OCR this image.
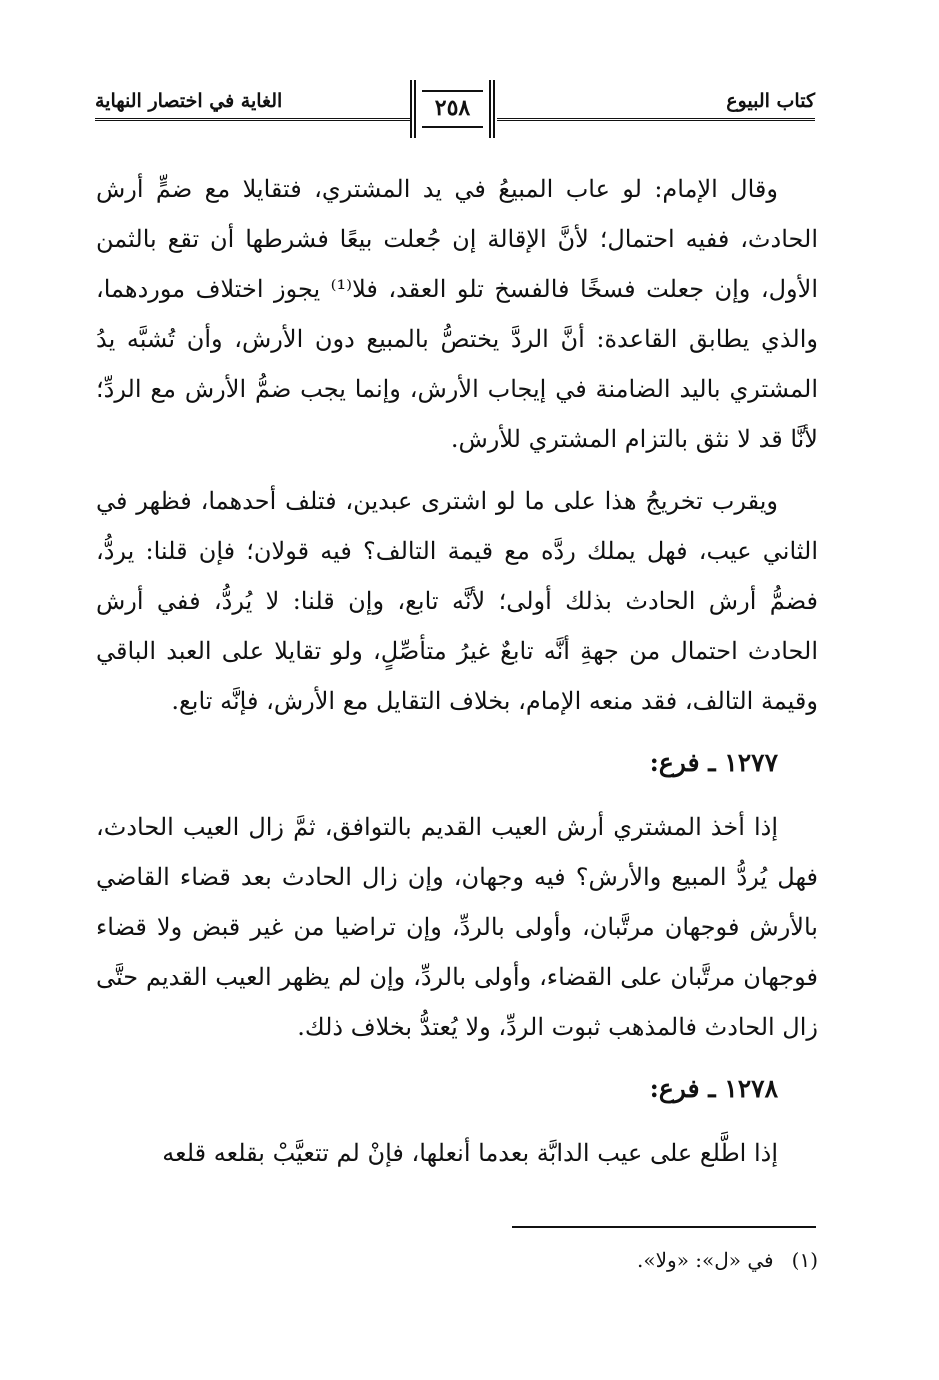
كتاب البيوع
الغاية في اختصار النهاية	٢٥٨

وقال الإمام: لو عاب المبيعُ في يد المشتري، فتقايلا مع ضمٍّ أرش الحادث، ففيه احتمال؛ لأنَّ الإقالة إن جُعلت بيعًا فشرطها أن تقع بالثمن الأول، وإن جعلت فسخًا فالفسخ تلو العقد، فلا⁽¹⁾ يجوز اختلاف موردهما، والذي يطابق القاعدة: أنَّ الردَّ يختصُّ بالمبيع دون الأرش، وأن تُشبَّه يدُ المشتري باليد الضامنة في إيجاب الأرش، وإنما يجب ضمُّ الأرش مع الردِّ؛ لأنَّا قد لا نثق بالتزام المشتري للأرش.

ويقرب تخريجُ هذا على ما لو اشترى عبدين، فتلف أحدهما، فظهر في الثاني عيب، فهل يملك ردَّه مع قيمة التالف؟ فيه قولان؛ فإن قلنا: يردُّ، فضمُّ أرش الحادث بذلك أولى؛ لأنَّه تابع، وإن قلنا: لا يُردُّ، ففي أرش الحادث احتمال من جهةِ أنَّه تابعٌ غيرُ متأصِّلٍ، ولو تقايلا على العبد الباقي وقيمة التالف، فقد منعه الإمام، بخلاف التقايل مع الأرش، فإنَّه تابع.

١٢٧٧ ـ فرع:

إذا أخذ المشتري أرش العيب القديم بالتوافق، ثمَّ زال العيب الحادث، فهل يُردُّ المبيع والأرش؟ فيه وجهان، وإن زال الحادث بعد قضاء القاضي بالأرش فوجهان مرتَّبان، وأولى بالردِّ، وإن تراضيا من غير قبض ولا قضاء فوجهان مرتَّبان على القضاء، وأولى بالردِّ، وإن لم يظهر العيب القديم حتَّى زال الحادث فالمذهب ثبوت الردِّ، ولا يُعتدُّ بخلاف ذلك.

١٢٧٨ ـ فرع:

إذا اطَّلع على عيب الدابَّة بعدما أنعلها، فإنْ لم تتعيَّبْ بقلعه قلعه

(١)في «ل»: «ولا».
